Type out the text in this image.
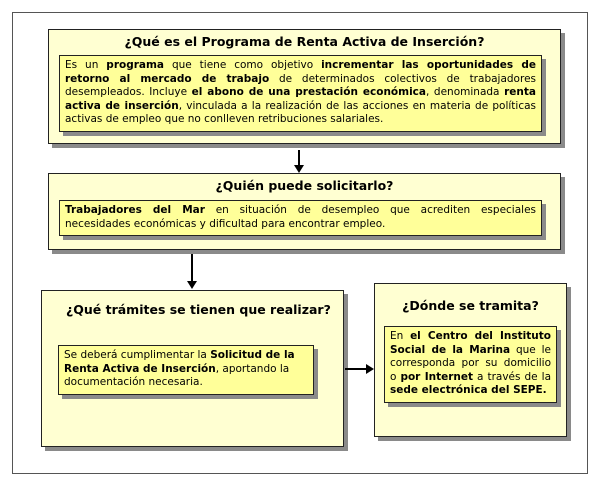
¿Qué es el Programa de Renta Activa de Inserción?
Es un programa que tiene como objetivo incrementar las oportunidades de retorno al mercado de trabajo de determinados colectivos de trabajadores desempleados. Incluye el abono de una prestación económica, denominada renta activa de inserción, vinculada a la realización de las acciones en materia de políticas activas de empleo que no conlleven retribuciones salariales.
¿Quién puede solicitarlo?
Trabajadores del Mar en situación de desempleo que acrediten especiales necesidades económicas y dificultad para encontrar empleo.
¿Qué trámites se tienen que realizar?
Se deberá cumplimentar la Solicitud de la Renta Activa de Inserción, aportando la documentación necesaria.
¿Dónde se tramita?
En el Centro del Instituto Social de la Marina que le corresponda por su domicilio o por Internet a través de la sede electrónica del SEPE.
